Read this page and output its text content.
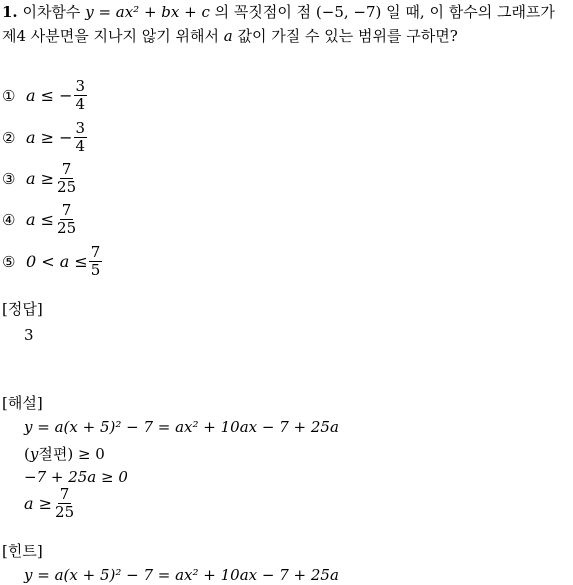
1. 이차함수 y = ax² + bx + c 의 꼭짓점이 점 (−5, −7) 일 때, 이 함수의 그래프가
제4 사분면을 지나지 않기 위해서 a 값이 가질 수 있는 범위를 구하면?
① a ≤ − $\frac{3}{4}$
② a ≥ − $\frac{3}{4}$
③ $a \ge \frac{7}{25}$
④ $a \le \frac{7}{25}$
⑤ $0 < a \le \frac{7}{5}$
[정답]
3
[해설]
y = a(x + 5)² − 7 = ax² + 10ax − 7 + 25a
(y절편) ≥ 0
−7 + 25a ≥ 0
$a \ge \frac{7}{25}$
[힌트]
y = a(x + 5)² − 7 = ax² + 10ax − 7 + 25a
